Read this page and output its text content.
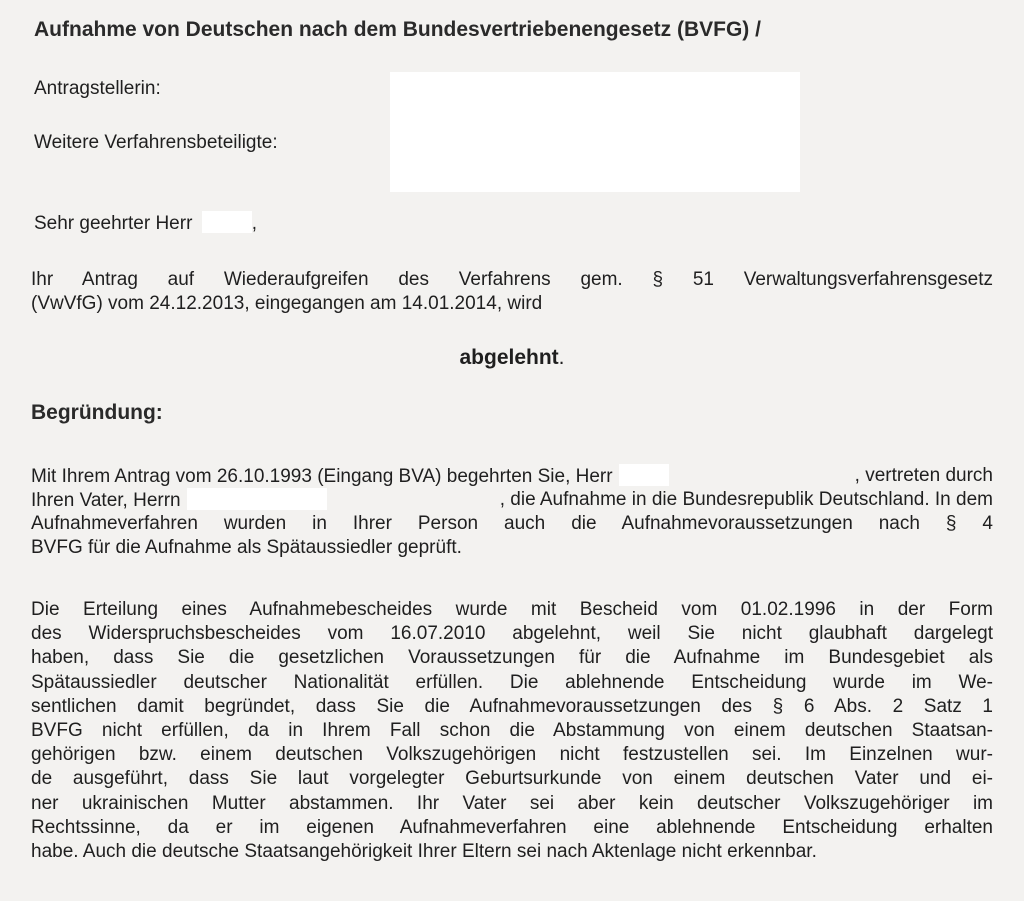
Aufnahme von Deutschen nach dem Bundesvertriebenengesetz (BVFG) /
Antragstellerin:
Weitere Verfahrensbeteiligte:
Sehr geehrter Herr	,
Ihr Antrag auf Wiederaufgreifen des Verfahrens gem. § 51 Verwaltungsverfahrensgesetz
(VwVfG) vom 24.12.2013, eingegangen am 14.01.2014, wird
abgelehnt.
Begründung:
Mit Ihrem Antrag vom 26.10.1993 (Eingang BVA) begehrten Sie, Herr	, vertreten durch
Ihren Vater, Herrn	, die Aufnahme in die Bundesrepublik Deutschland. In dem
Aufnahmeverfahren wurden in Ihrer Person auch die Aufnahmevoraussetzungen nach § 4
BVFG für die Aufnahme als Spätaussiedler geprüft.
Die Erteilung eines Aufnahmebescheides wurde mit Bescheid vom 01.02.1996 in der Form
des Widerspruchsbescheides vom 16.07.2010 abgelehnt, weil Sie nicht glaubhaft dargelegt
haben, dass Sie die gesetzlichen Voraussetzungen für die Aufnahme im Bundesgebiet als
Spätaussiedler deutscher Nationalität erfüllen. Die ablehnende Entscheidung wurde im We-
sentlichen damit begründet, dass Sie die Aufnahmevoraussetzungen des § 6 Abs. 2 Satz 1
BVFG nicht erfüllen, da in Ihrem Fall schon die Abstammung von einem deutschen Staatsan-
gehörigen bzw. einem deutschen Volkszugehörigen nicht festzustellen sei. Im Einzelnen wur-
de ausgeführt, dass Sie laut vorgelegter Geburtsurkunde von einem deutschen Vater und ei-
ner ukrainischen Mutter abstammen. Ihr Vater sei aber kein deutscher Volkszugehöriger im
Rechtssinne, da er im eigenen Aufnahmeverfahren eine ablehnende Entscheidung erhalten
habe. Auch die deutsche Staatsangehörigkeit Ihrer Eltern sei nach Aktenlage nicht erkennbar.
